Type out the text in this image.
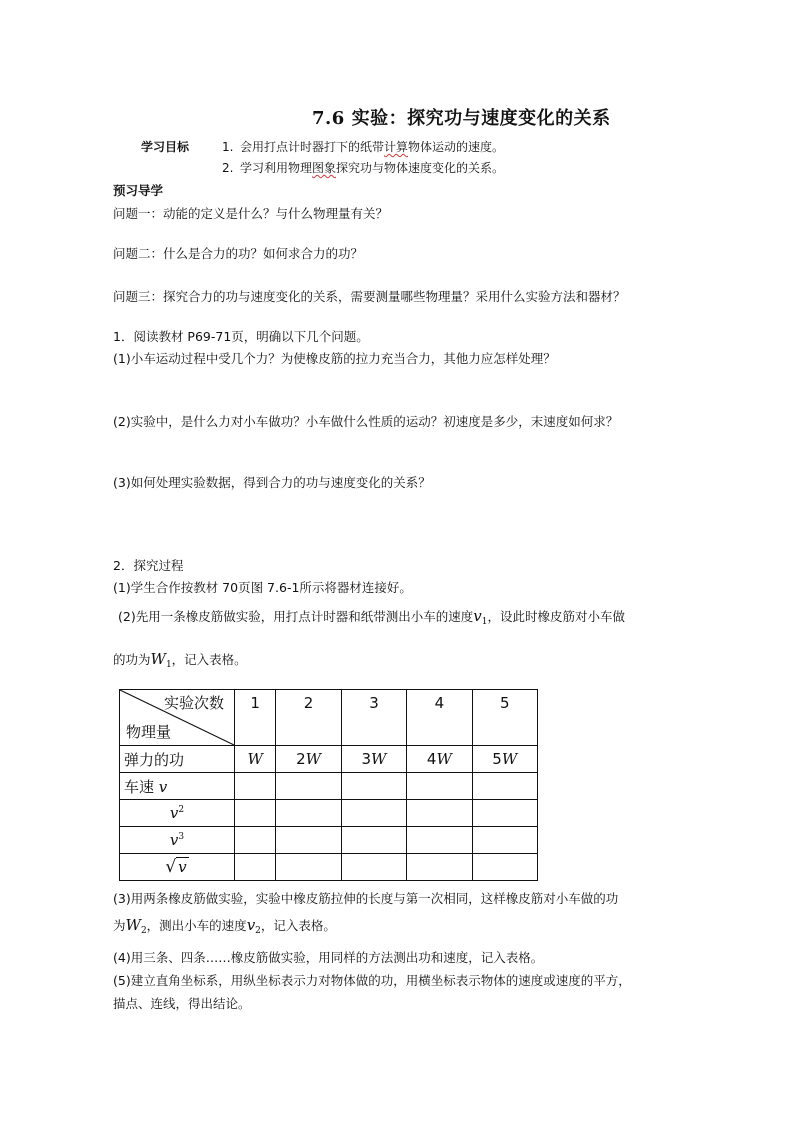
7.6 实验：探究功与速度变化的关系
学习目标	1. 会用打点计时器打下的纸带计算物体运动的速度。
2. 学习利用物理图象探究功与物体速度变化的关系。
预习导学
问题一：动能的定义是什么？与什么物理量有关？
问题二：什么是合力的功？如何求合力的功？
问题三：探究合力的功与速度变化的关系，需要测量哪些物理量？采用什么实验方法和器材？
1．阅读教材 P69-71页，明确以下几个问题。
(1)小车运动过程中受几个力？为使橡皮筋的拉力充当合力，其他力应怎样处理？
(2)实验中，是什么力对小车做功？小车做什么性质的运动？初速度是多少，末速度如何求？
(3)如何处理实验数据，得到合力的功与速度变化的关系？
2．探究过程
(1)学生合作按教材 70页图 7.6-1所示将器材连接好。
(2)先用一条橡皮筋做实验，用打点计时器和纸带测出小车的速度$v_1$，设此时橡皮筋对小车做
的功为$W_1$，记入表格。
实验次数
物理量	1	2	3	4	5
弹力的功	W	2W	3W	4W	5W
车速 v					
$v^2$					
$v^3$					
√ v					
(3)用两条橡皮筋做实验，实验中橡皮筋拉伸的长度与第一次相同，这样橡皮筋对小车做的功
为$W_2$，测出小车的速度$v_2$，记入表格。
(4)用三条、四条……橡皮筋做实验，用同样的方法测出功和速度，记入表格。
(5)建立直角坐标系，用纵坐标表示力对物体做的功，用横坐标表示物体的速度或速度的平方，
描点、连线，得出结论。
